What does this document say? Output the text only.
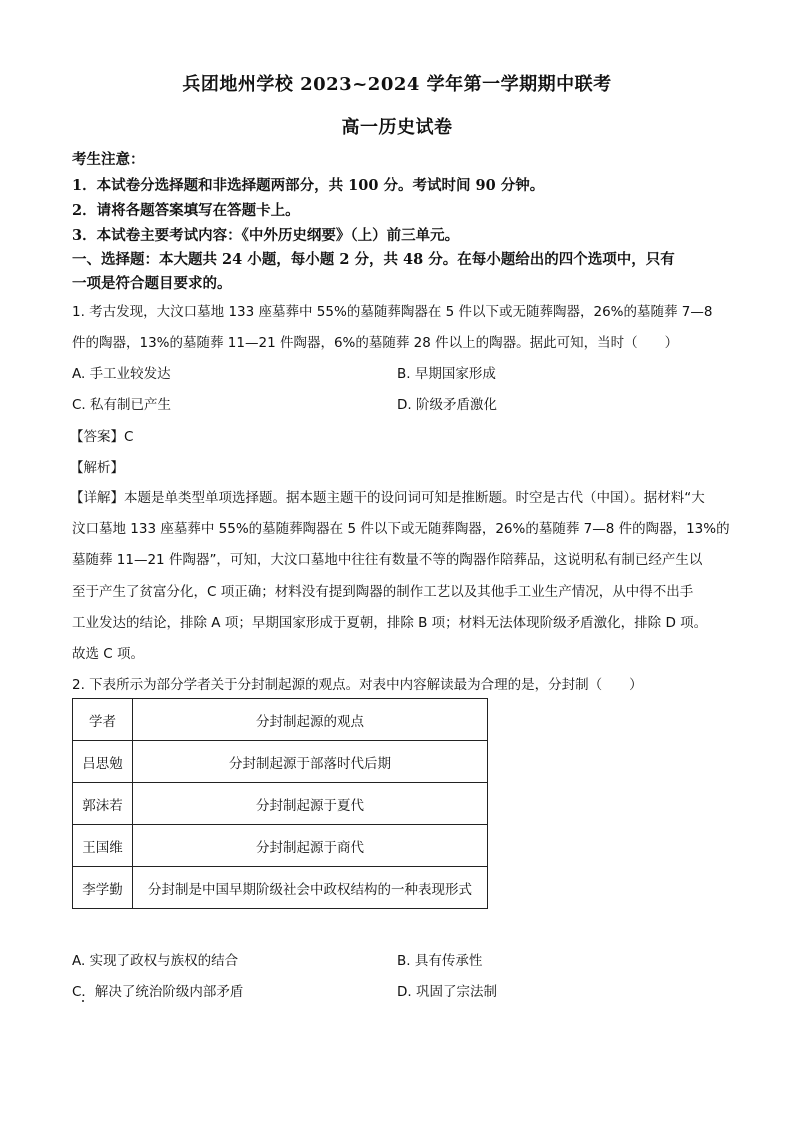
兵团地州学校 2023~2024 学年第一学期期中联考
高一历史试卷
考生注意：
1．本试卷分选择题和非选择题两部分，共 100 分。考试时间 90 分钟。
2．请将各题答案填写在答题卡上。
3．本试卷主要考试内容：《中外历史纲要》（上）前三单元。
一、选择题：本大题共 24 小题，每小题 2 分，共 48 分。在每小题给出的四个选项中，只有
一项是符合题目要求的。
1. 考古发现，大汶口墓地 133 座墓葬中 55%的墓随葬陶器在 5 件以下或无随葬陶器，26%的墓随葬 7—8
件的陶器，13%的墓随葬 11—21 件陶器，6%的墓随葬 28 件以上的陶器。据此可知，当时（　　）
A. 手工业较发达	B. 早期国家形成
C. 私有制已产生	D. 阶级矛盾激化
【答案】C
【解析】
【详解】本题是单类型单项选择题。据本题主题干的设问词可知是推断题。时空是古代（中国）。据材料“大
汶口墓地 133 座墓葬中 55%的墓随葬陶器在 5 件以下或无随葬陶器，26%的墓随葬 7—8 件的陶器，13%的
墓随葬 11—21 件陶器”，可知，大汶口墓地中往往有数量不等的陶器作陪葬品，这说明私有制已经产生以
至于产生了贫富分化，C 项正确；材料没有提到陶器的制作工艺以及其他手工业生产情况，从中得不出手
工业发达的结论，排除 A 项；早期国家形成于夏朝，排除 B 项；材料无法体现阶级矛盾激化，排除 D 项。
故选 C 项。
2. 下表所示为部分学者关于分封制起源的观点。对表中内容解读最为合理的是，分封制（　　）
学者	分封制起源的观点
吕思勉	分封制起源于部落时代后期
郭沫若	分封制起源于夏代
王国维	分封制起源于商代
李学勤	分封制是中国早期阶级社会中政权结构的一种表现形式
A. 实现了政权与族权的结合	B. 具有传承性
C．解决了统治阶级内部矛盾	D. 巩固了宗法制
